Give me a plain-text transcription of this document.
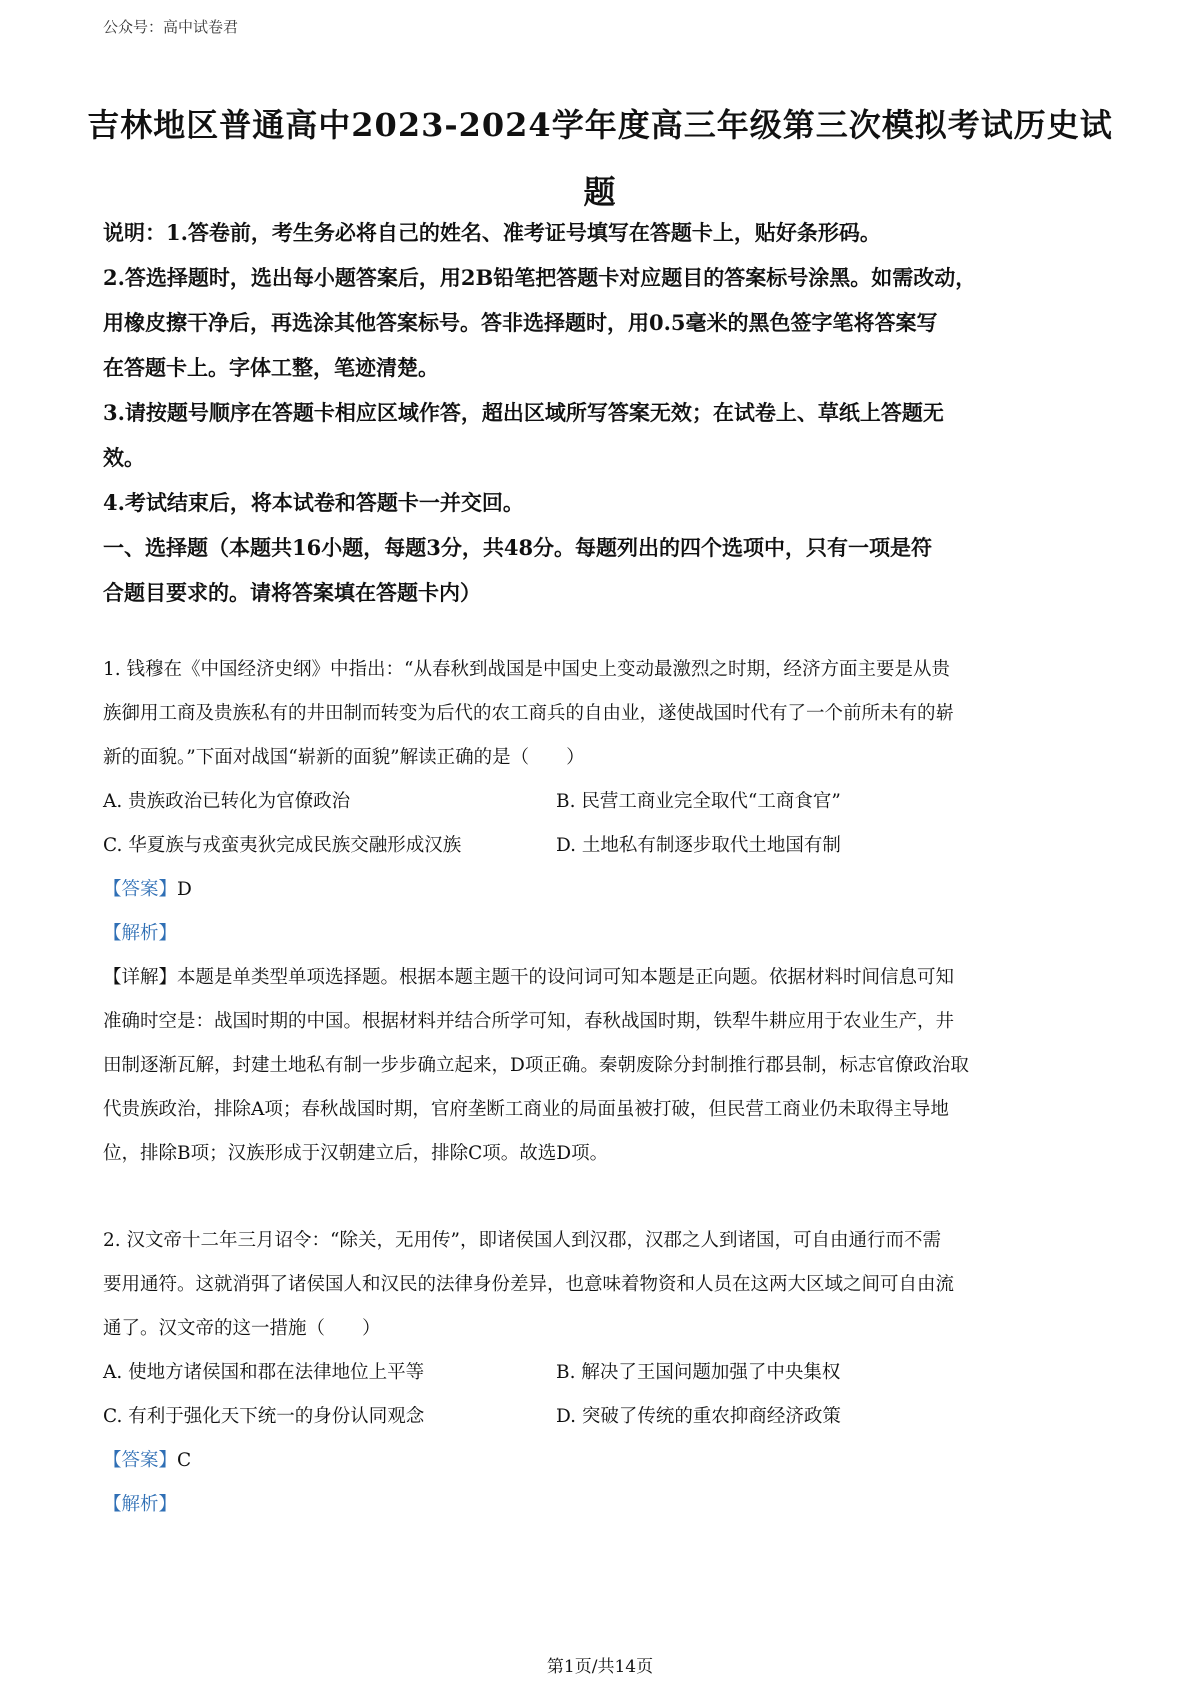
公众号：高中试卷君
吉林地区普通高中2023-2024学年度高三年级第三次模拟考试历史试
题
说明：1.答卷前，考生务必将自己的姓名、准考证号填写在答题卡上，贴好条形码。
2.答选择题时，选出每小题答案后，用2B铅笔把答题卡对应题目的答案标号涂黑。如需改动，
用橡皮擦干净后，再选涂其他答案标号。答非选择题时，用0.5毫米的黑色签字笔将答案写
在答题卡上。字体工整，笔迹清楚。
3.请按题号顺序在答题卡相应区域作答，超出区域所写答案无效；在试卷上、草纸上答题无
效。
4.考试结束后，将本试卷和答题卡一并交回。
一、选择题（本题共16小题，每题3分，共48分。每题列出的四个选项中，只有一项是符
合题目要求的。请将答案填在答题卡内）
1. 钱穆在《中国经济史纲》中指出：“从春秋到战国是中国史上变动最激烈之时期，经济方面主要是从贵
族御用工商及贵族私有的井田制而转变为后代的农工商兵的自由业，遂使战国时代有了一个前所未有的崭
新的面貌。”下面对战国“崭新的面貌”解读正确的是（　　）
A. 贵族政治已转化为官僚政治	B. 民营工商业完全取代“工商食官”
C. 华夏族与戎蛮夷狄完成民族交融形成汉族	D. 土地私有制逐步取代土地国有制
【答案】D
【解析】
【详解】本题是单类型单项选择题。根据本题主题干的设问词可知本题是正向题。依据材料时间信息可知
准确时空是：战国时期的中国。根据材料并结合所学可知，春秋战国时期，铁犁牛耕应用于农业生产，井
田制逐渐瓦解，封建土地私有制一步步确立起来，D项正确。秦朝废除分封制推行郡县制，标志官僚政治取
代贵族政治，排除A项；春秋战国时期，官府垄断工商业的局面虽被打破，但民营工商业仍未取得主导地
位，排除B项；汉族形成于汉朝建立后，排除C项。故选D项。
2. 汉文帝十二年三月诏令：“除关，无用传”，即诸侯国人到汉郡，汉郡之人到诸国，可自由通行而不需
要用通符。这就消弭了诸侯国人和汉民的法律身份差异，也意味着物资和人员在这两大区域之间可自由流
通了。汉文帝的这一措施（　　）
A. 使地方诸侯国和郡在法律地位上平等	B. 解决了王国问题加强了中央集权
C. 有利于强化天下统一的身份认同观念	D. 突破了传统的重农抑商经济政策
【答案】C
【解析】
第1页/共14页
